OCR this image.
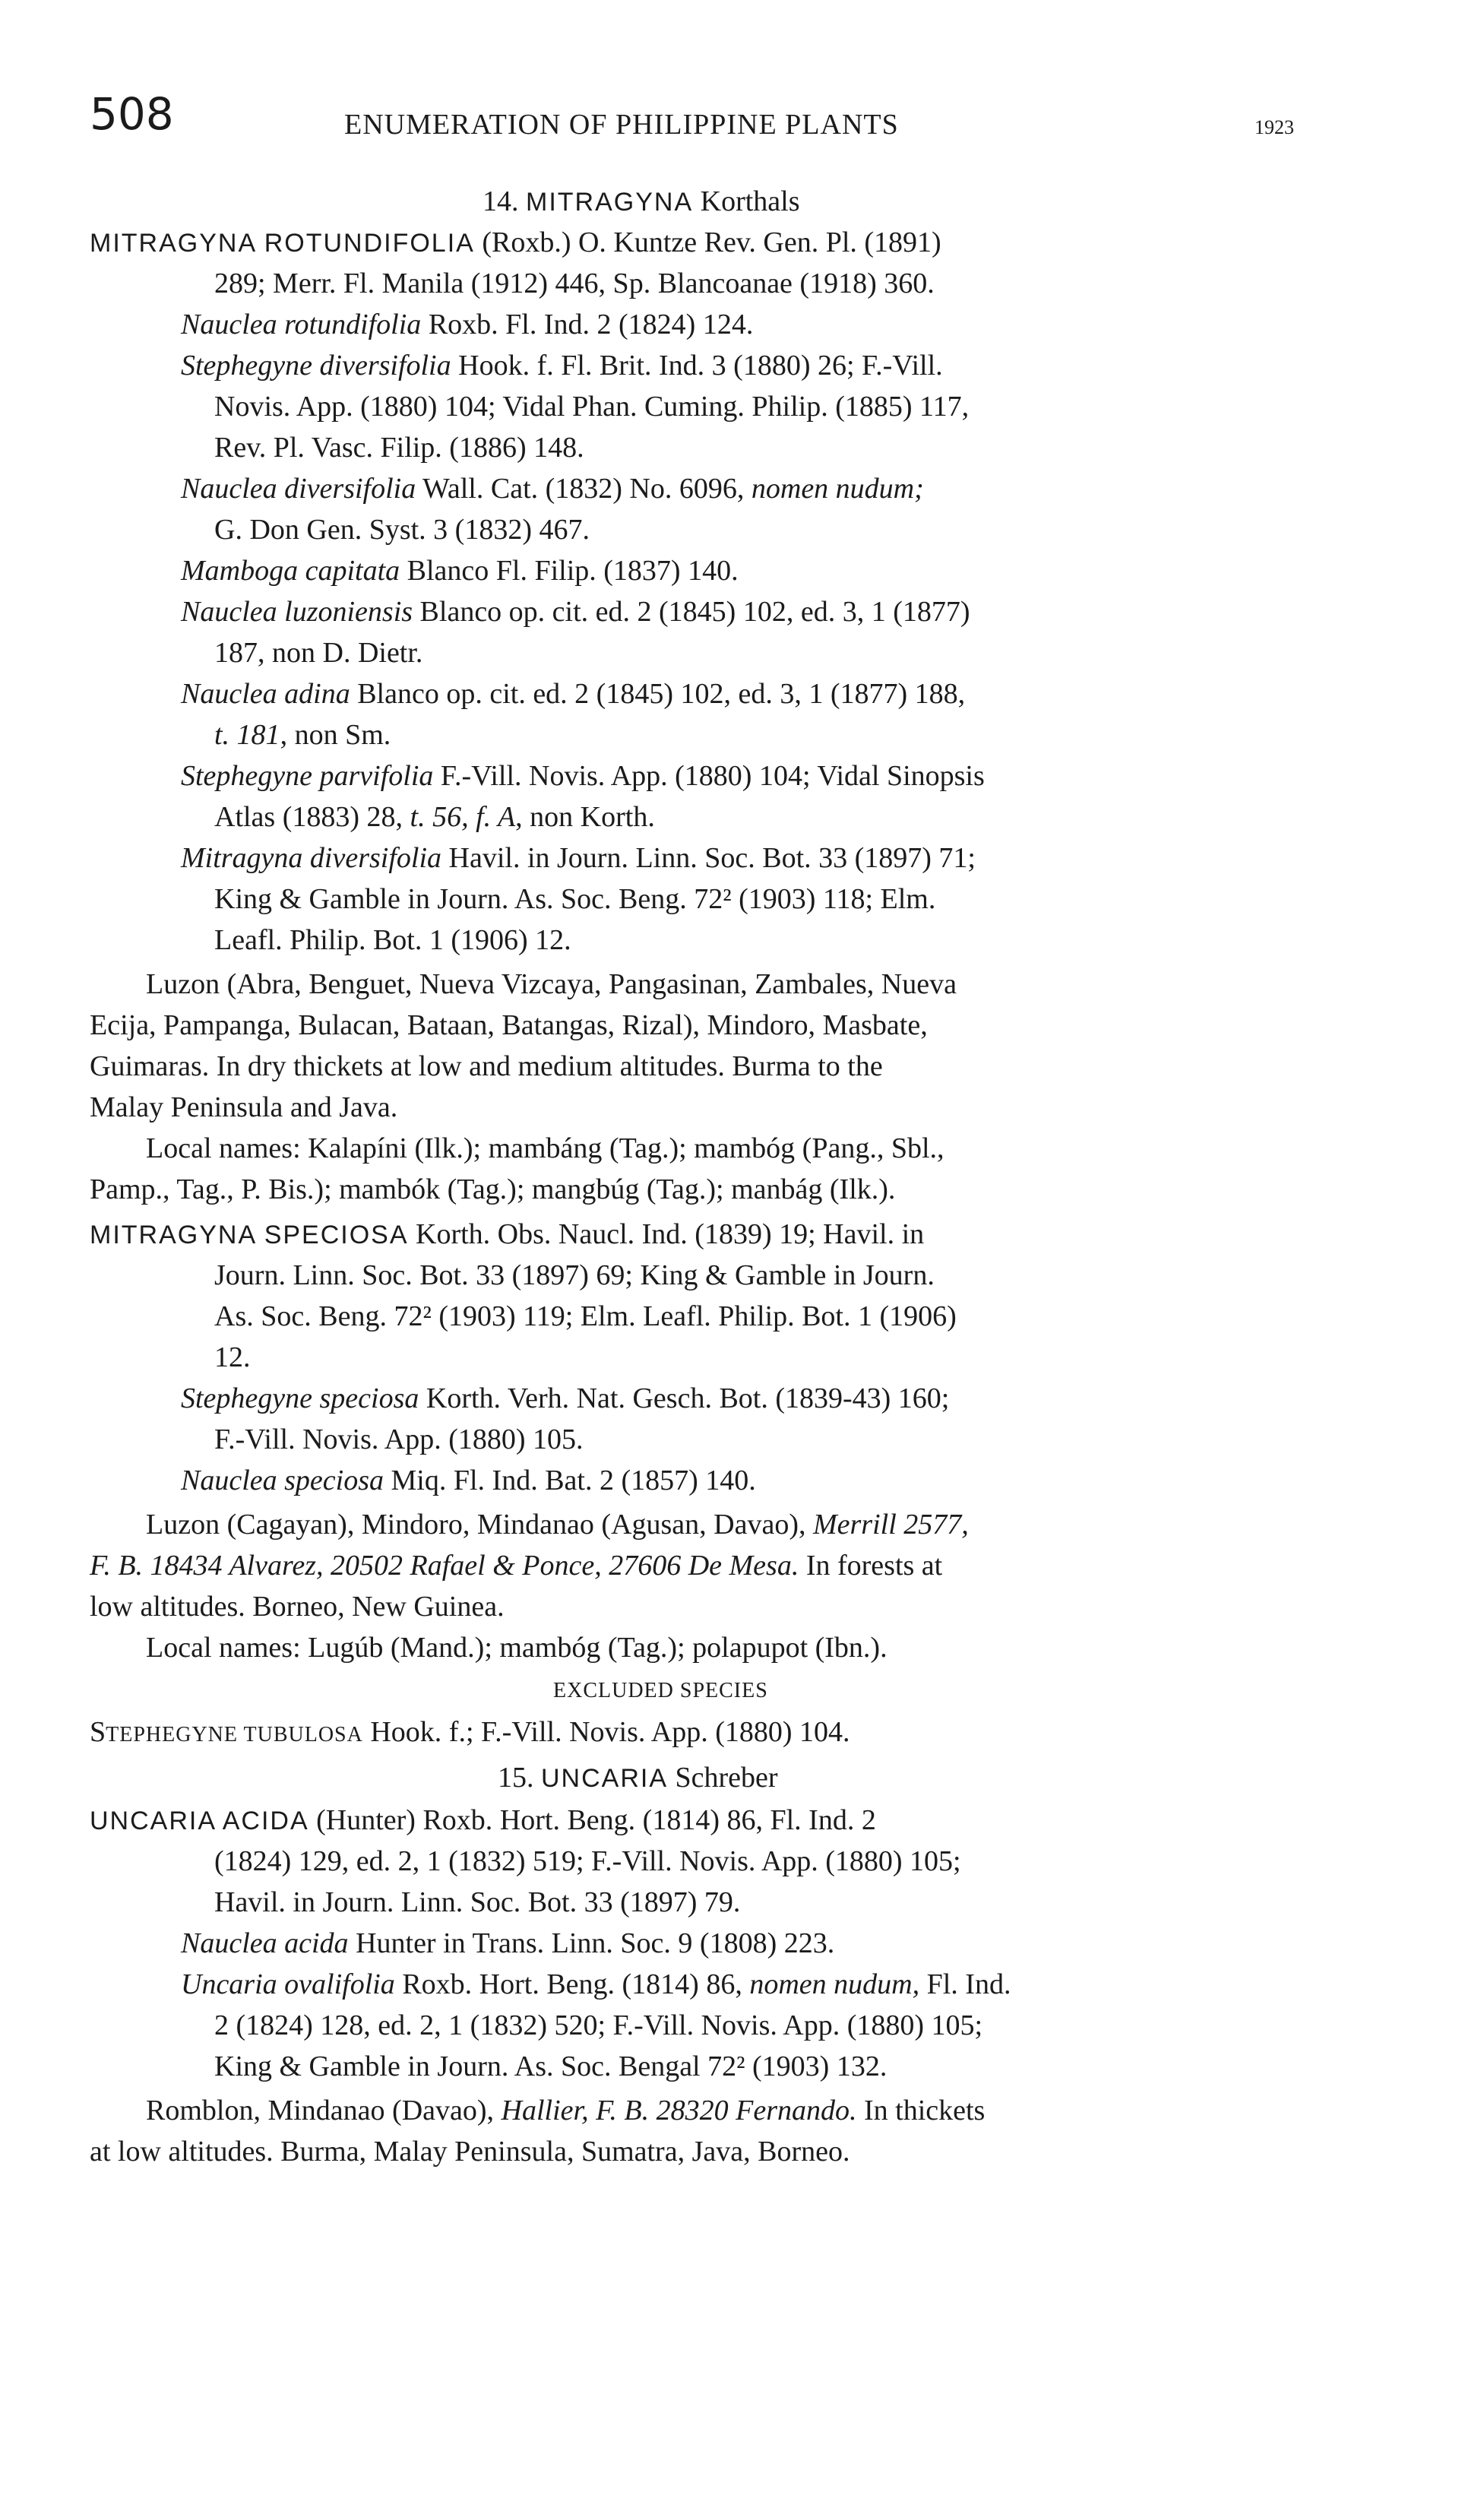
508	ENUMERATION OF PHILIPPINE PLANTS	1923
14. MITRAGYNA Korthals
MITRAGYNA ROTUNDIFOLIA (Roxb.) O. Kuntze Rev. Gen. Pl. (1891)
289; Merr. Fl. Manila (1912) 446, Sp. Blancoanae (1918) 360.
Nauclea rotundifolia Roxb. Fl. Ind. 2 (1824) 124.
Stephegyne diversifolia Hook. f. Fl. Brit. Ind. 3 (1880) 26; F.-Vill.
Novis. App. (1880) 104; Vidal Phan. Cuming. Philip. (1885) 117,
Rev. Pl. Vasc. Filip. (1886) 148.
Nauclea diversifolia Wall. Cat. (1832) No. 6096, nomen nudum;
G. Don Gen. Syst. 3 (1832) 467.
Mamboga capitata Blanco Fl. Filip. (1837) 140.
Nauclea luzoniensis Blanco op. cit. ed. 2 (1845) 102, ed. 3, 1 (1877)
187, non D. Dietr.
Nauclea adina Blanco op. cit. ed. 2 (1845) 102, ed. 3, 1 (1877) 188,
t. 181, non Sm.
Stephegyne parvifolia F.-Vill. Novis. App. (1880) 104; Vidal Sinopsis
Atlas (1883) 28, t. 56, f. A, non Korth.
Mitragyna diversifolia Havil. in Journ. Linn. Soc. Bot. 33 (1897) 71;
King & Gamble in Journ. As. Soc. Beng. 72² (1903) 118; Elm.
Leafl. Philip. Bot. 1 (1906) 12.
Luzon (Abra, Benguet, Nueva Vizcaya, Pangasinan, Zambales, Nueva
Ecija, Pampanga, Bulacan, Bataan, Batangas, Rizal), Mindoro, Masbate,
Guimaras. In dry thickets at low and medium altitudes. Burma to the
Malay Peninsula and Java.
Local names: Kalapíni (Ilk.); mambáng (Tag.); mambóg (Pang., Sbl.,
Pamp., Tag., P. Bis.); mambók (Tag.); mangbúg (Tag.); manbág (Ilk.).
MITRAGYNA SPECIOSA Korth. Obs. Naucl. Ind. (1839) 19; Havil. in
Journ. Linn. Soc. Bot. 33 (1897) 69; King & Gamble in Journ.
As. Soc. Beng. 72² (1903) 119; Elm. Leafl. Philip. Bot. 1 (1906)
12.
Stephegyne speciosa Korth. Verh. Nat. Gesch. Bot. (1839-43) 160;
F.-Vill. Novis. App. (1880) 105.
Nauclea speciosa Miq. Fl. Ind. Bat. 2 (1857) 140.
Luzon (Cagayan), Mindoro, Mindanao (Agusan, Davao), Merrill 2577,
F. B. 18434 Alvarez, 20502 Rafael & Ponce, 27606 De Mesa. In forests at
low altitudes. Borneo, New Guinea.
Local names: Lugúb (Mand.); mambóg (Tag.); polapupot (Ibn.).
EXCLUDED SPECIES
STEPHEGYNE TUBULOSA Hook. f.; F.-Vill. Novis. App. (1880) 104.
15. UNCARIA Schreber
UNCARIA ACIDA (Hunter) Roxb. Hort. Beng. (1814) 86, Fl. Ind. 2
(1824) 129, ed. 2, 1 (1832) 519; F.-Vill. Novis. App. (1880) 105;
Havil. in Journ. Linn. Soc. Bot. 33 (1897) 79.
Nauclea acida Hunter in Trans. Linn. Soc. 9 (1808) 223.
Uncaria ovalifolia Roxb. Hort. Beng. (1814) 86, nomen nudum, Fl. Ind.
2 (1824) 128, ed. 2, 1 (1832) 520; F.-Vill. Novis. App. (1880) 105;
King & Gamble in Journ. As. Soc. Bengal 72² (1903) 132.
Romblon, Mindanao (Davao), Hallier, F. B. 28320 Fernando. In thickets
at low altitudes. Burma, Malay Peninsula, Sumatra, Java, Borneo.
